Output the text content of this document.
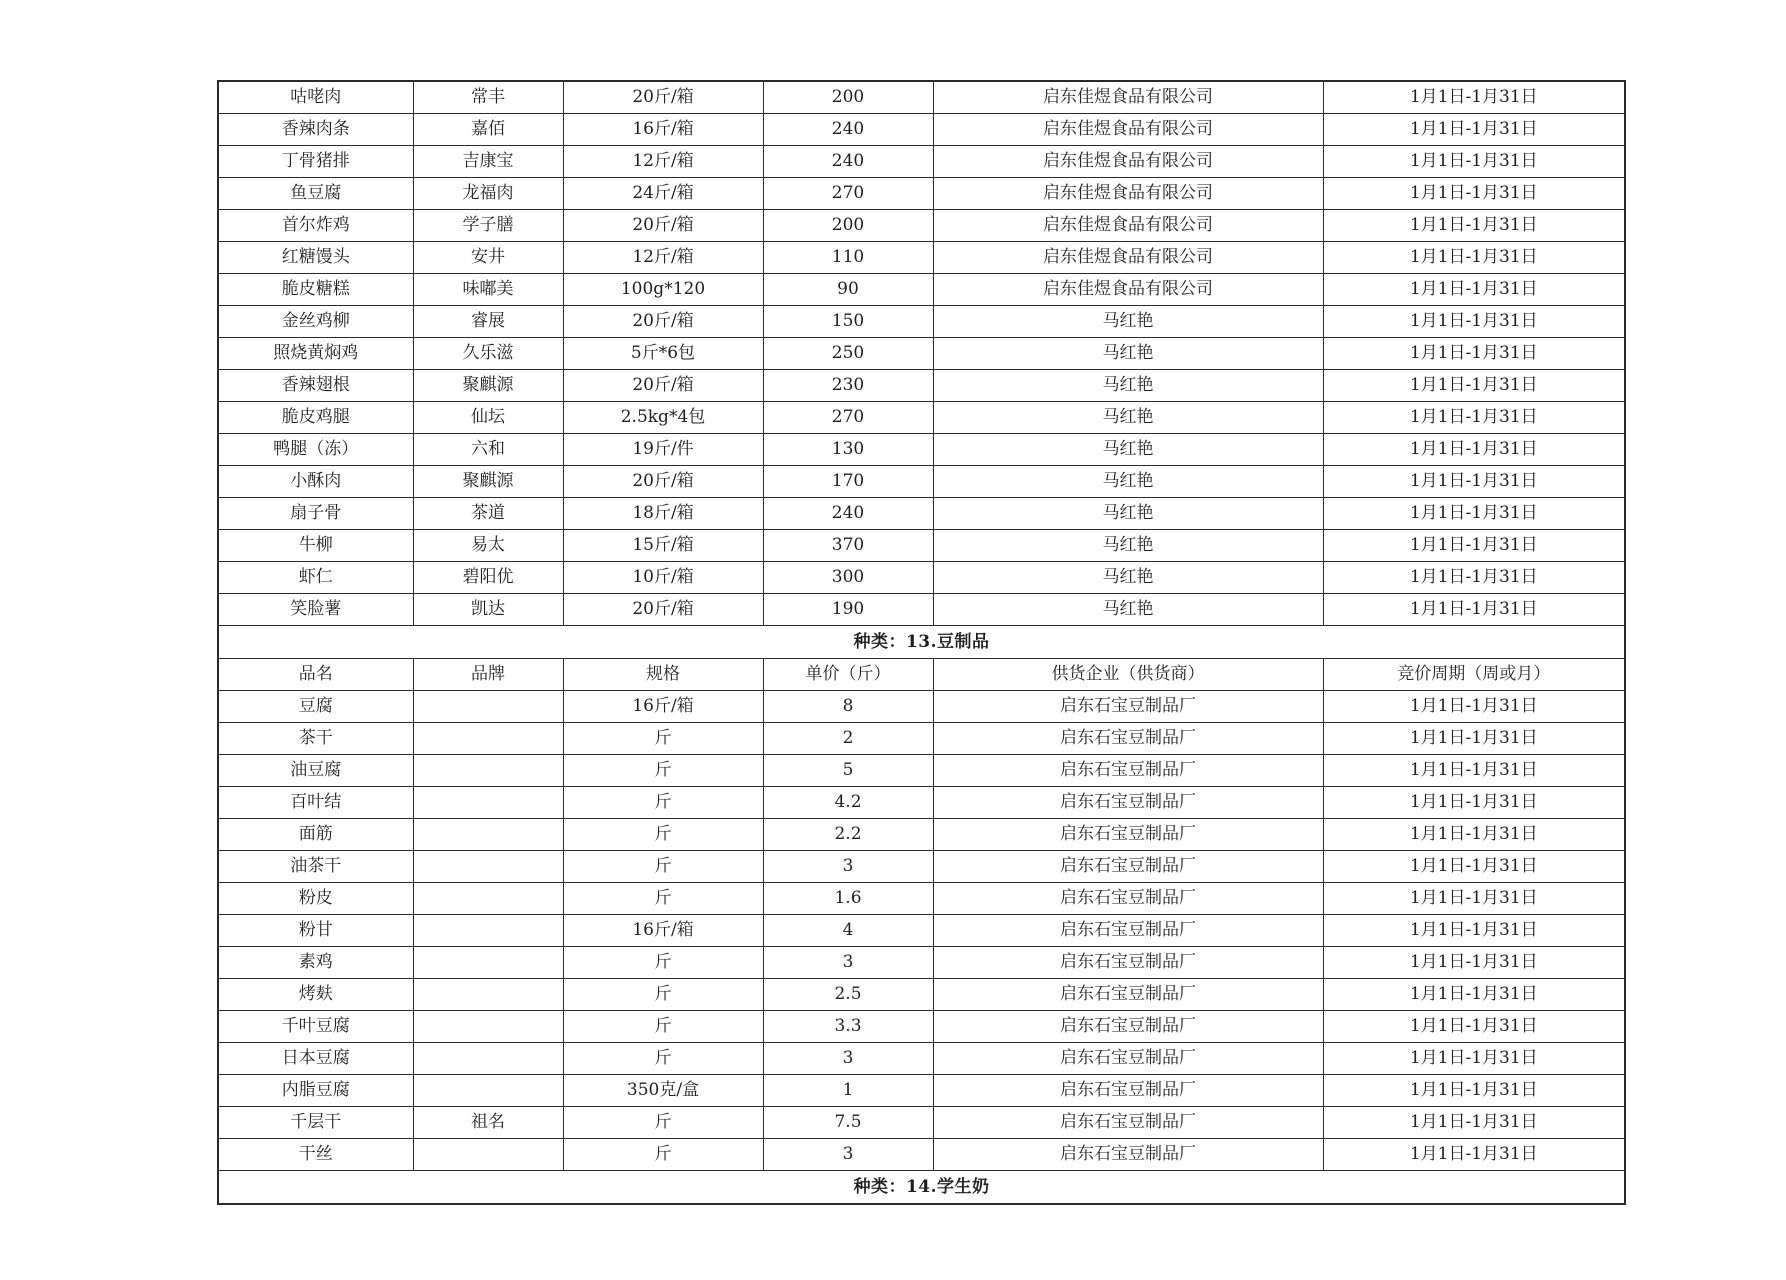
咕咾肉	常丰	20斤/箱	200	启东佳煜食品有限公司	1月1日-1月31日
香辣肉条	嘉佰	16斤/箱	240	启东佳煜食品有限公司	1月1日-1月31日
丁骨猪排	吉康宝	12斤/箱	240	启东佳煜食品有限公司	1月1日-1月31日
鱼豆腐	龙福肉	24斤/箱	270	启东佳煜食品有限公司	1月1日-1月31日
首尔炸鸡	学子膳	20斤/箱	200	启东佳煜食品有限公司	1月1日-1月31日
红糖馒头	安井	12斤/箱	110	启东佳煜食品有限公司	1月1日-1月31日
脆皮糖糕	味嘟美	100g*120	90	启东佳煜食品有限公司	1月1日-1月31日
金丝鸡柳	睿展	20斤/箱	150	马红艳	1月1日-1月31日
照烧黄焖鸡	久乐滋	5斤*6包	250	马红艳	1月1日-1月31日
香辣翅根	聚麒源	20斤/箱	230	马红艳	1月1日-1月31日
脆皮鸡腿	仙坛	2.5kg*4包	270	马红艳	1月1日-1月31日
鸭腿（冻）	六和	19斤/件	130	马红艳	1月1日-1月31日
小酥肉	聚麒源	20斤/箱	170	马红艳	1月1日-1月31日
扇子骨	茶道	18斤/箱	240	马红艳	1月1日-1月31日
牛柳	易太	15斤/箱	370	马红艳	1月1日-1月31日
虾仁	碧阳优	10斤/箱	300	马红艳	1月1日-1月31日
笑脸薯	凯达	20斤/箱	190	马红艳	1月1日-1月31日
种类：13.豆制品					
品名	品牌	规格	单价（斤）	供货企业（供货商）	竞价周期（周或月）
豆腐		16斤/箱	8	启东石宝豆制品厂	1月1日-1月31日
茶干		斤	2	启东石宝豆制品厂	1月1日-1月31日
油豆腐		斤	5	启东石宝豆制品厂	1月1日-1月31日
百叶结		斤	4.2	启东石宝豆制品厂	1月1日-1月31日
面筋		斤	2.2	启东石宝豆制品厂	1月1日-1月31日
油茶干		斤	3	启东石宝豆制品厂	1月1日-1月31日
粉皮		斤	1.6	启东石宝豆制品厂	1月1日-1月31日
粉甘		16斤/箱	4	启东石宝豆制品厂	1月1日-1月31日
素鸡		斤	3	启东石宝豆制品厂	1月1日-1月31日
烤麸		斤	2.5	启东石宝豆制品厂	1月1日-1月31日
千叶豆腐		斤	3.3	启东石宝豆制品厂	1月1日-1月31日
日本豆腐		斤	3	启东石宝豆制品厂	1月1日-1月31日
内脂豆腐		350克/盒	1	启东石宝豆制品厂	1月1日-1月31日
千层干	祖名	斤	7.5	启东石宝豆制品厂	1月1日-1月31日
干丝		斤	3	启东石宝豆制品厂	1月1日-1月31日
种类：14.学生奶					
